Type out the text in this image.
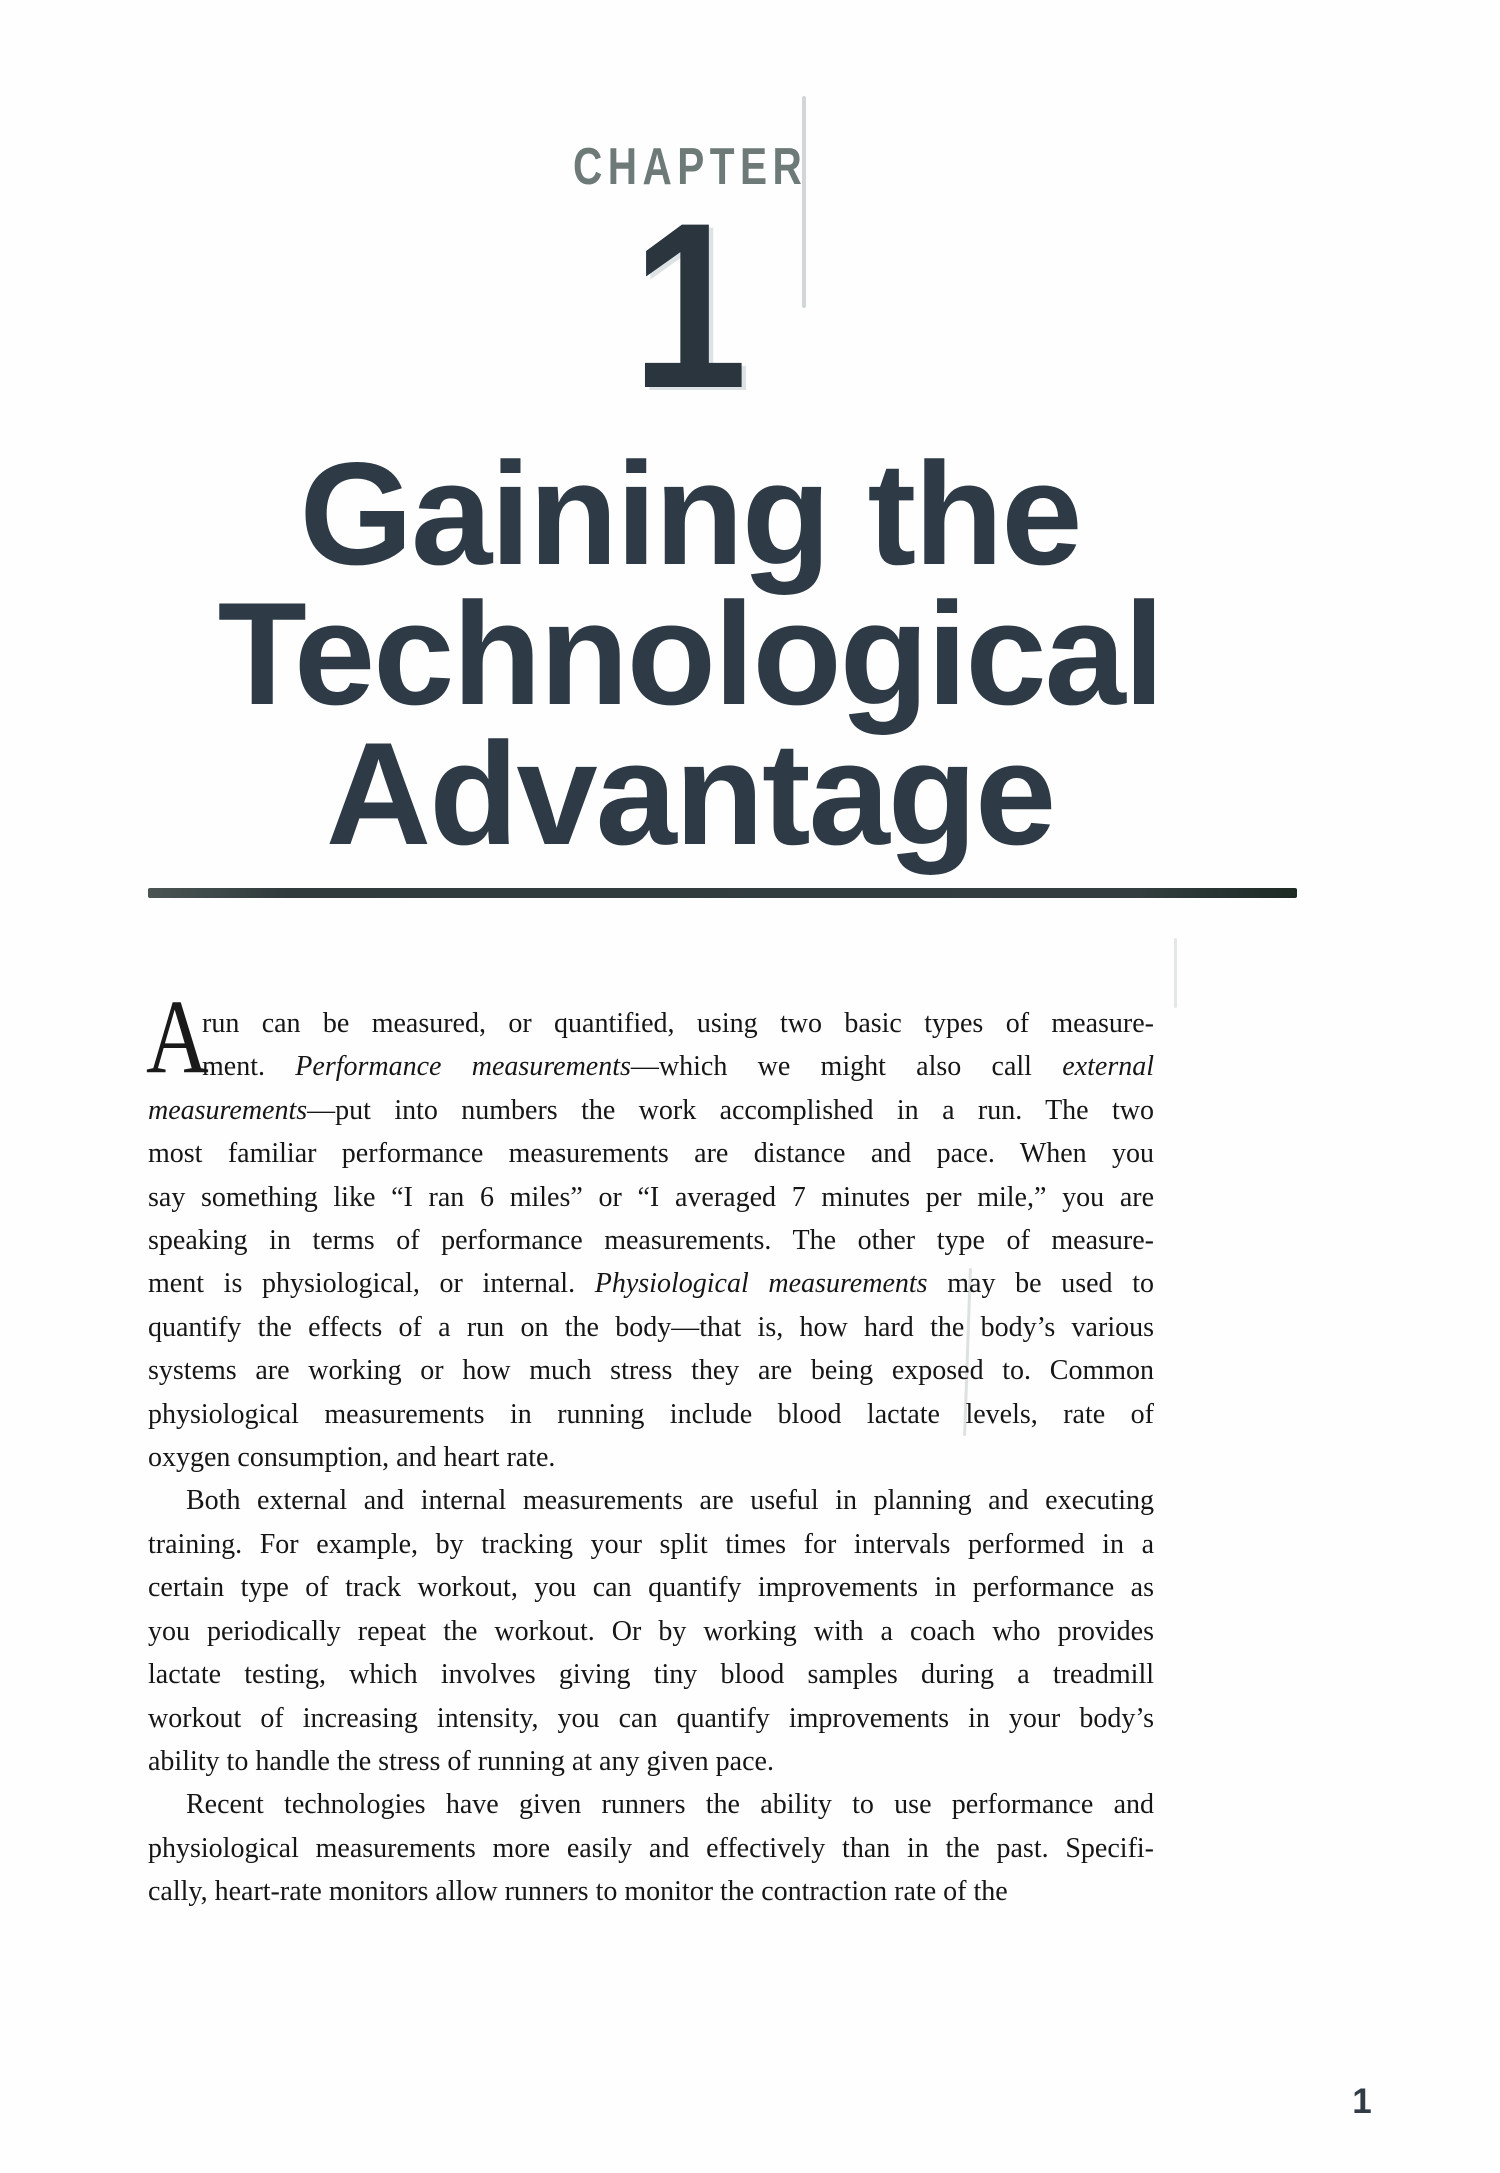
CHAPTER
1
Gaining the
Technological
Advantage
A
run can be measured, or quantified, using two basic types of measure-
ment. Performance measurements—which we might also call external
measurements—put into numbers the work accomplished in a run. The two
most familiar performance measurements are distance and pace. When you
say something like “I ran 6 miles” or “I averaged 7 minutes per mile,” you are
speaking in terms of performance measurements. The other type of measure-
ment is physiological, or internal. Physiological measurements may be used to
quantify the effects of a run on the body—that is, how hard the body’s various
systems are working or how much stress they are being exposed to. Common
physiological measurements in running include blood lactate levels, rate of
oxygen consumption, and heart rate.
Both external and internal measurements are useful in planning and executing
training. For example, by tracking your split times for intervals performed in a
certain type of track workout, you can quantify improvements in performance as
you periodically repeat the workout. Or by working with a coach who provides
lactate testing, which involves giving tiny blood samples during a treadmill
workout of increasing intensity, you can quantify improvements in your body’s
ability to handle the stress of running at any given pace.
Recent technologies have given runners the ability to use performance and
physiological measurements more easily and effectively than in the past. Specifi-
cally, heart-rate monitors allow runners to monitor the contraction rate of the
1
